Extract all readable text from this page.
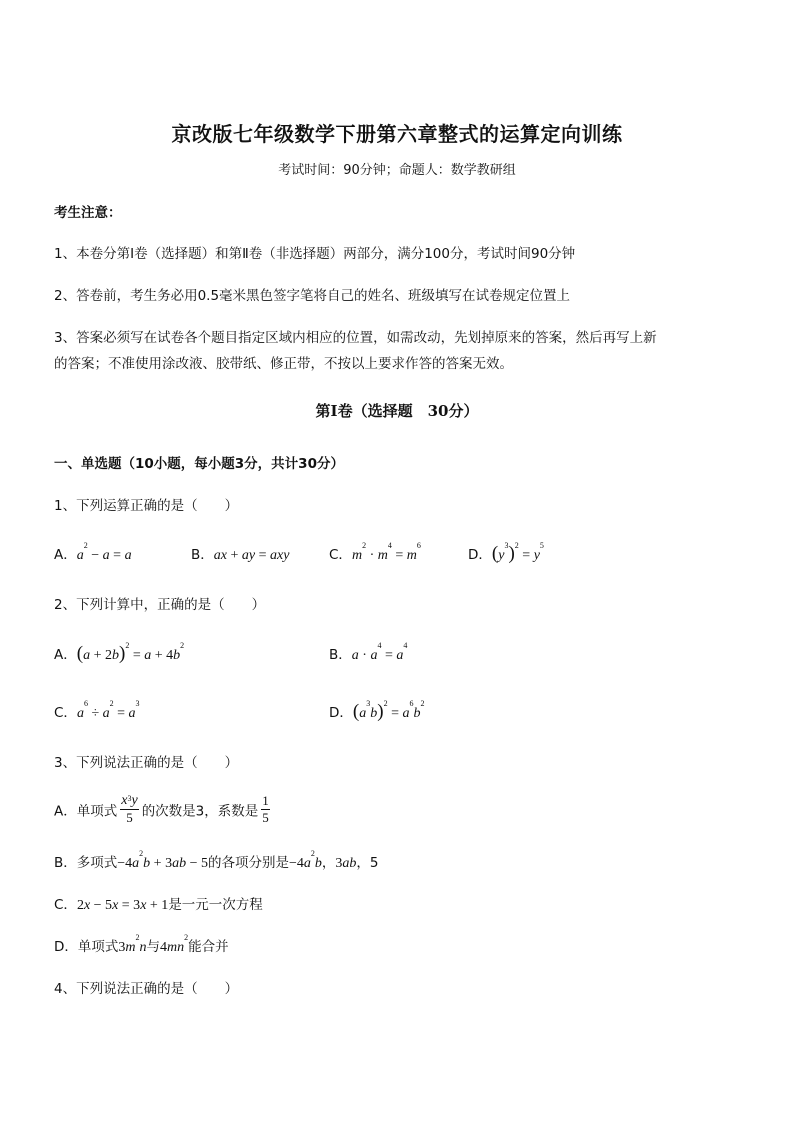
京改版七年级数学下册第六章整式的运算定向训练
考试时间：90分钟；命题人：数学教研组
考生注意：
1、本卷分第Ⅰ卷（选择题）和第Ⅱ卷（非选择题）两部分，满分100分，考试时间90分钟
2、答卷前，考生务必用0.5毫米黑色签字笔将自己的姓名、班级填写在试卷规定位置上
3、答案必须写在试卷各个题目指定区域内相应的位置，如需改动，先划掉原来的答案，然后再写上新
的答案；不准使用涂改液、胶带纸、修正带，不按以上要求作答的答案无效。
第Ⅰ卷（选择题　30分）
一、单选题（10小题，每小题3分，共计30分）
1、下列运算正确的是（　　）
A．$a^2 - a = a$	B．ax + ay = axy	C．$m^2 \cdot m^4 = m^6$
D．$(y^3)^2 = y^5$
2、下列计算中，正确的是（　　）
A．$(a + 2b)^2 = a + 4b^2$
B．$a \cdot a^4 = a^4$
C．$a^6 \div a^2 = a^3$
D．$(a^3b)^2 = a^6b^2$
3、下列说法正确的是（　　）
A．单项式 $\frac{x^3y}{5}$ 的次数是3，系数是 $\frac{1}{5}$
B．多项式$-4a^2b + 3ab - 5$的各项分别是$-4a^2b$，3ab，5
C．2x − 5x = 3x + 1是一元一次方程
D．单项式$3m^2n$与$4mn^2$能合并
4、下列说法正确的是（　　）
